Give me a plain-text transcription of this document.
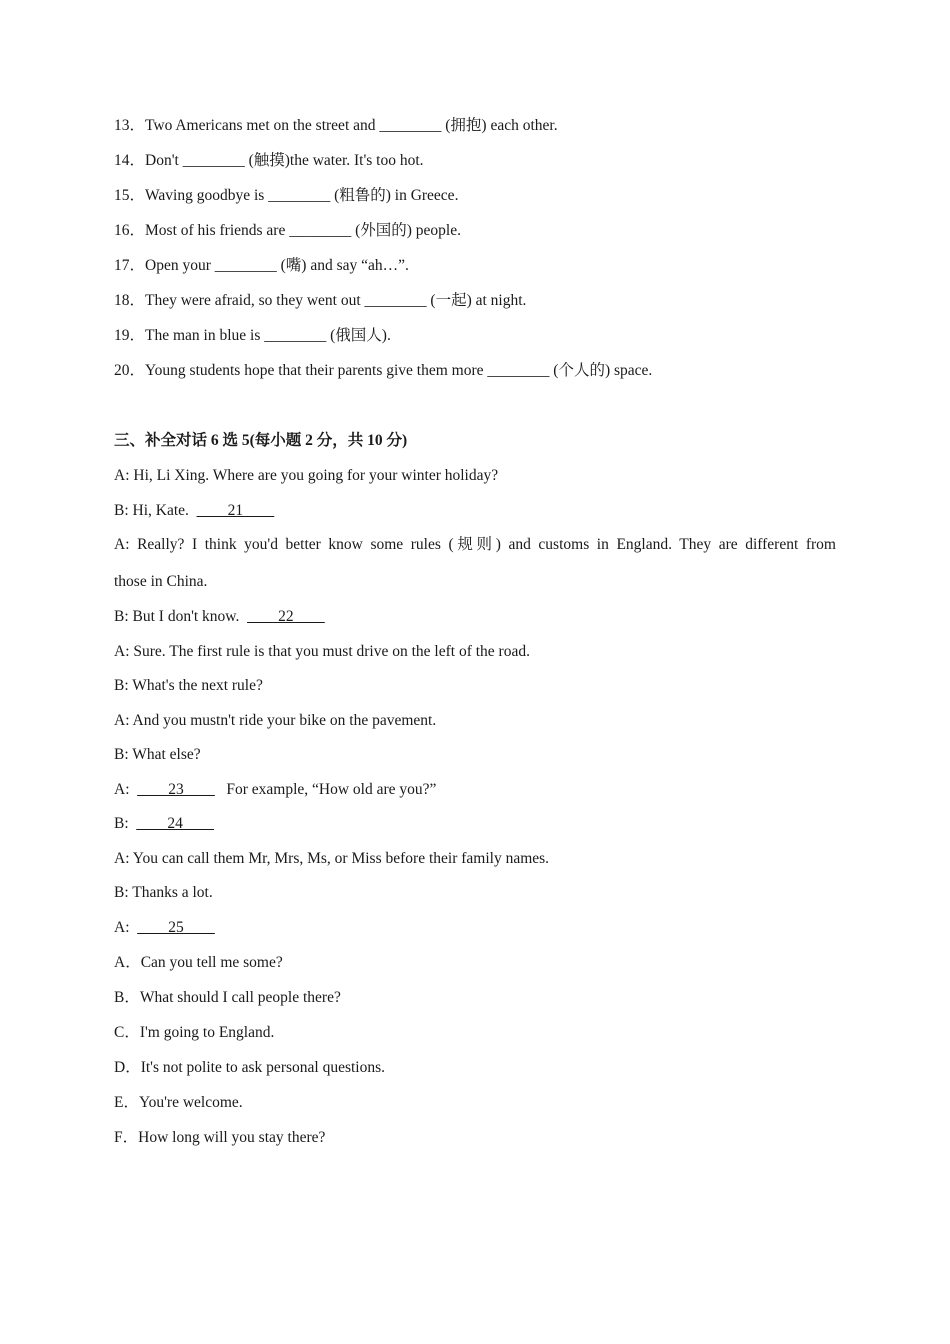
13．Two Americans met on the street and ________ (拥抱) each other.
14．Don't ________ (触摸)the water. It's too hot.
15．Waving goodbye is ________ (粗鲁的) in Greece.
16．Most of his friends are ________ (外国的) people.
17．Open your ________ (嘴) and say “ah…”.
18．They were afraid, so they went out ________ (一起) at night.
19．The man in blue is ________ (俄国人).
20．Young students hope that their parents give them more ________ (个人的) space.
三、补全对话 6 选 5(每小题 2 分，共 10 分)
A: Hi, Li Xing. Where are you going for your winter holiday?
B: Hi, Kate. ____21____
A: Really? I think you'd better know some rules (规则) and customs in England. They are different from
those in China.
B: But I don't know. ____22____
A: Sure. The first rule is that you must drive on the left of the road.
B: What's the next rule?
A: And you mustn't ride your bike on the pavement.
B: What else?
A: ____23____ For example, “How old are you?”
B: ____24____
A: You can call them Mr, Mrs, Ms, or Miss before their family names.
B: Thanks a lot.
A: ____25____
A．Can you tell me some?
B．What should I call people there?
C．I'm going to England.
D．It's not polite to ask personal questions.
E．You're welcome.
F．How long will you stay there?
